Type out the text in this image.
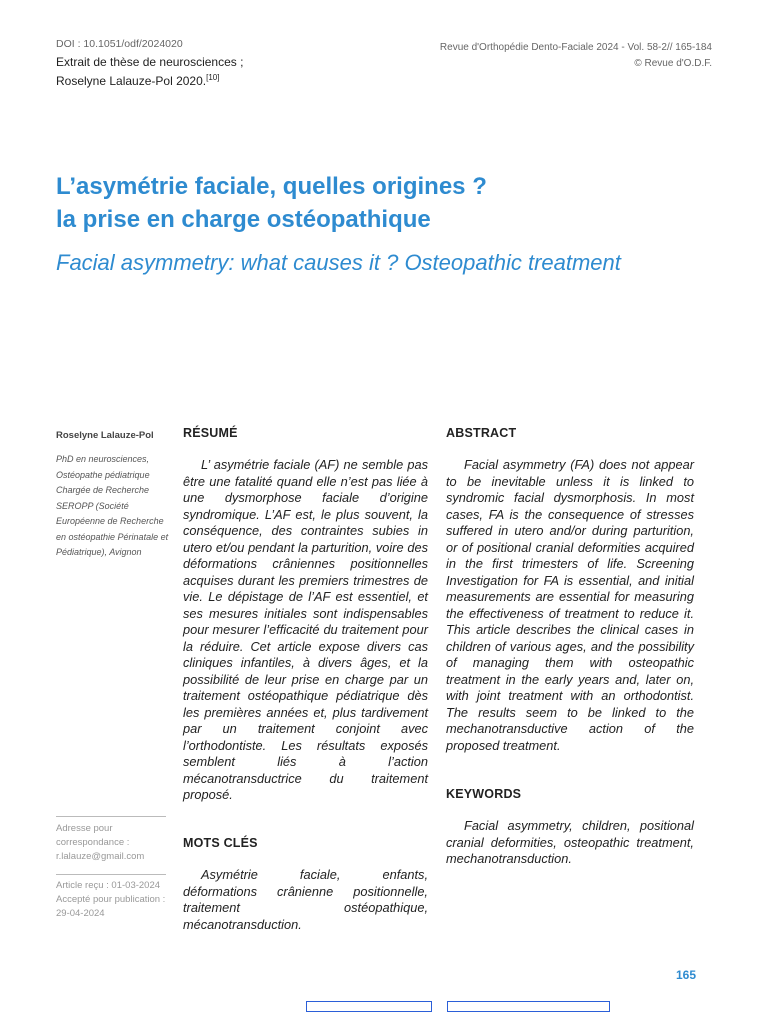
DOI : 10.1051/odf/2024020
Extrait de thèse de neurosciences ;
Roselyne Lalauze-Pol 2020.[10]
Revue d'Orthopédie Dento-Faciale 2024 - Vol. 58-2// 165-184
© Revue d'O.D.F.
L’asymétrie faciale, quelles origines ?
la prise en charge ostéopathique
Facial asymmetry: what causes it ? Osteopathic treatment
Roselyne Lalauze-Pol
PhD en neurosciences, Ostéopathe pédiatrique Chargée de Recherche SEROPP (Société Européenne de Recherche en ostéopathie Périnatale et Pédiatrique), Avignon
RÉSUMÉ

L’ asymétrie faciale (AF) ne semble pas être une fatalité quand elle n’est pas liée à une dysmorphose faciale d’origine syndromique. L’AF est, le plus souvent, la conséquence, des contraintes subies in utero et/ou pendant la parturition, voire des déformations crâniennes positionnelles acquises durant les premiers trimestres de vie. Le dépistage de l’AF est essentiel, et ses mesures initiales sont indispensables pour mesurer l’efficacité du traitement pour la réduire. Cet article expose divers cas cliniques infantiles, à divers âges, et la possibilité de leur prise en charge par un traitement ostéopathique pédiatrique dès les premières années et, plus tardivement par un traitement conjoint avec l’orthodontiste. Les résultats exposés semblent liés à l’action mécanotransductrice du traitement proposé.

MOTS CLÉS

Asymétrie faciale, enfants, déformations crânienne positionnelle, traitement ostéopathique, mécanotransduction.

ABSTRACT

Facial asymmetry (FA) does not appear to be inevitable unless it is linked to syndromic facial dysmorphosis. In most cases, FA is the consequence of stresses suffered in utero and/or during parturition, or of positional cranial deformities acquired in the first trimesters of life. Screening Investigation for FA is essential, and initial measurements are essential for measuring the effectiveness of treatment to reduce it. This article describes the clinical cases in children of various ages, and the possibility of managing them with osteopathic treatment in the early years and, later on, with joint treatment with an orthodontist. The results seem to be linked to the mechanotransductive action of the proposed treatment.

KEYWORDS

Facial asymmetry, children, positional cranial deformities, osteopathic treatment, mechanotransduction.

Adresse pour correspondance :
r.lalauze@gmail.com
Article reçu : 01-03-2024
Accepté pour publication : 29-04-2024
165
